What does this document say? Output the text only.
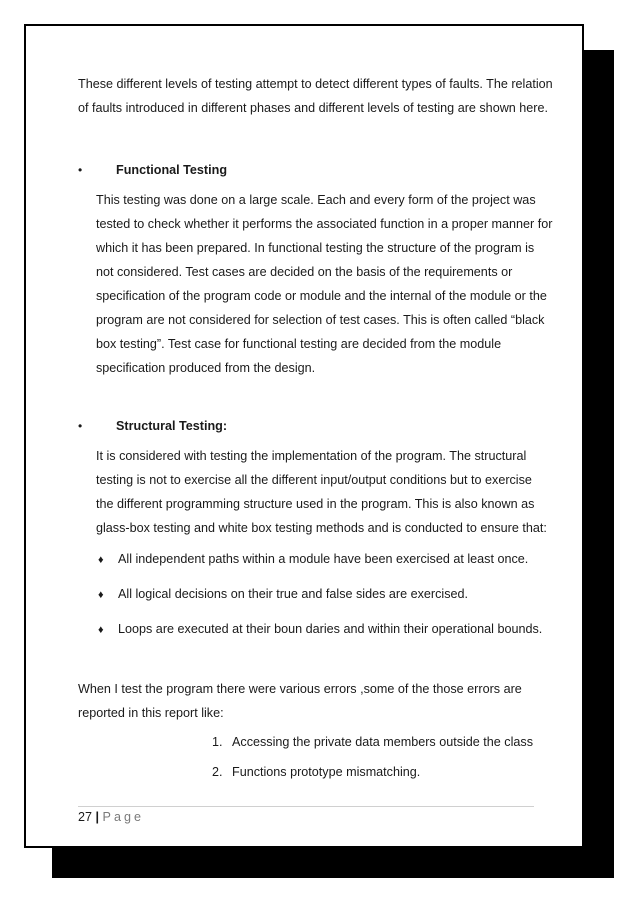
These different levels of testing attempt to detect different types of faults. The relation
of faults introduced in different phases and different levels of testing are shown here.
•	Functional Testing
This testing was done on a large scale. Each and every form of the project was
tested to check whether it performs the associated function in a proper manner for
which it has been prepared. In functional testing the structure of the program is
not considered. Test cases are decided on the basis of the requirements or
specification of the program code or module and the internal of the module or the
program are not considered for selection of test cases. This is often called “black
box testing”. Test case for functional testing are decided from the module
specification produced from the design.
•	Structural Testing:
It is considered with testing the implementation of the program. The structural
testing is not to exercise all the different input/output conditions but to exercise
the different programming structure used in the program. This is also known as
glass-box testing and white box testing methods and is conducted to ensure that:
♦ All independent paths within a module have been exercised at least once.
♦ All logical decisions on their true and false sides are exercised.
♦ Loops are executed at their boun daries and within their operational bounds.
When I test the program there were various errors ,some of the those errors are
reported in this report like:
1. Accessing the private data members outside the class
2. Functions prototype mismatching.
27 | Page
